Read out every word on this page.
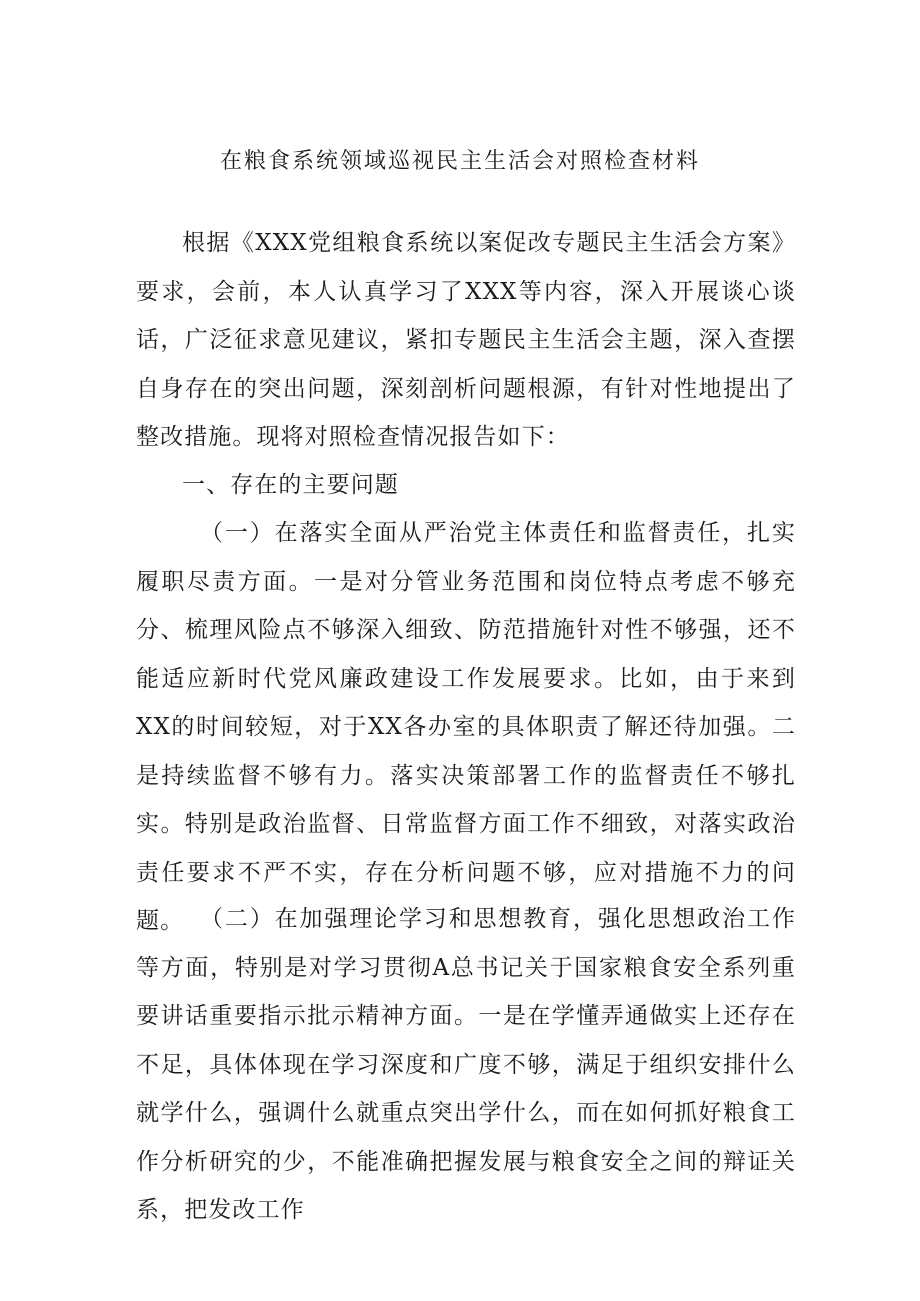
在粮食系统领域巡视民主生活会对照检查材料

根据《XXX党组粮食系统以案促改专题民主生活会方案》要求，会前，本人认真学习了XXX等内容，深入开展谈心谈话，广泛征求意见建议，紧扣专题民主生活会主题，深入查摆自身存在的突出问题，深刻剖析问题根源，有针对性地提出了整改措施。现将对照检查情况报告如下：

一、存在的主要问题

（一）在落实全面从严治党主体责任和监督责任，扎实履职尽责方面。一是对分管业务范围和岗位特点考虑不够充分、梳理风险点不够深入细致、防范措施针对性不够强，还不能适应新时代党风廉政建设工作发展要求。比如，由于来到XX的时间较短，对于XX各办室的具体职责了解还待加强。二是持续监督不够有力。落实决策部署工作的监督责任不够扎实。特别是政治监督、日常监督方面工作不细致，对落实政治责任要求不严不实，存在分析问题不够，应对措施不力的问题。 （二）在加强理论学习和思想教育，强化思想政治工作等方面，特别是对学习贯彻A总书记关于国家粮食安全系列重要讲话重要指示批示精神方面。一是在学懂弄通做实上还存在不足，具体体现在学习深度和广度不够，满足于组织安排什么就学什么，强调什么就重点突出学什么，而在如何抓好粮食工作分析研究的少，不能准确把握发展与粮食安全之间的辩证关系，把发改工作
